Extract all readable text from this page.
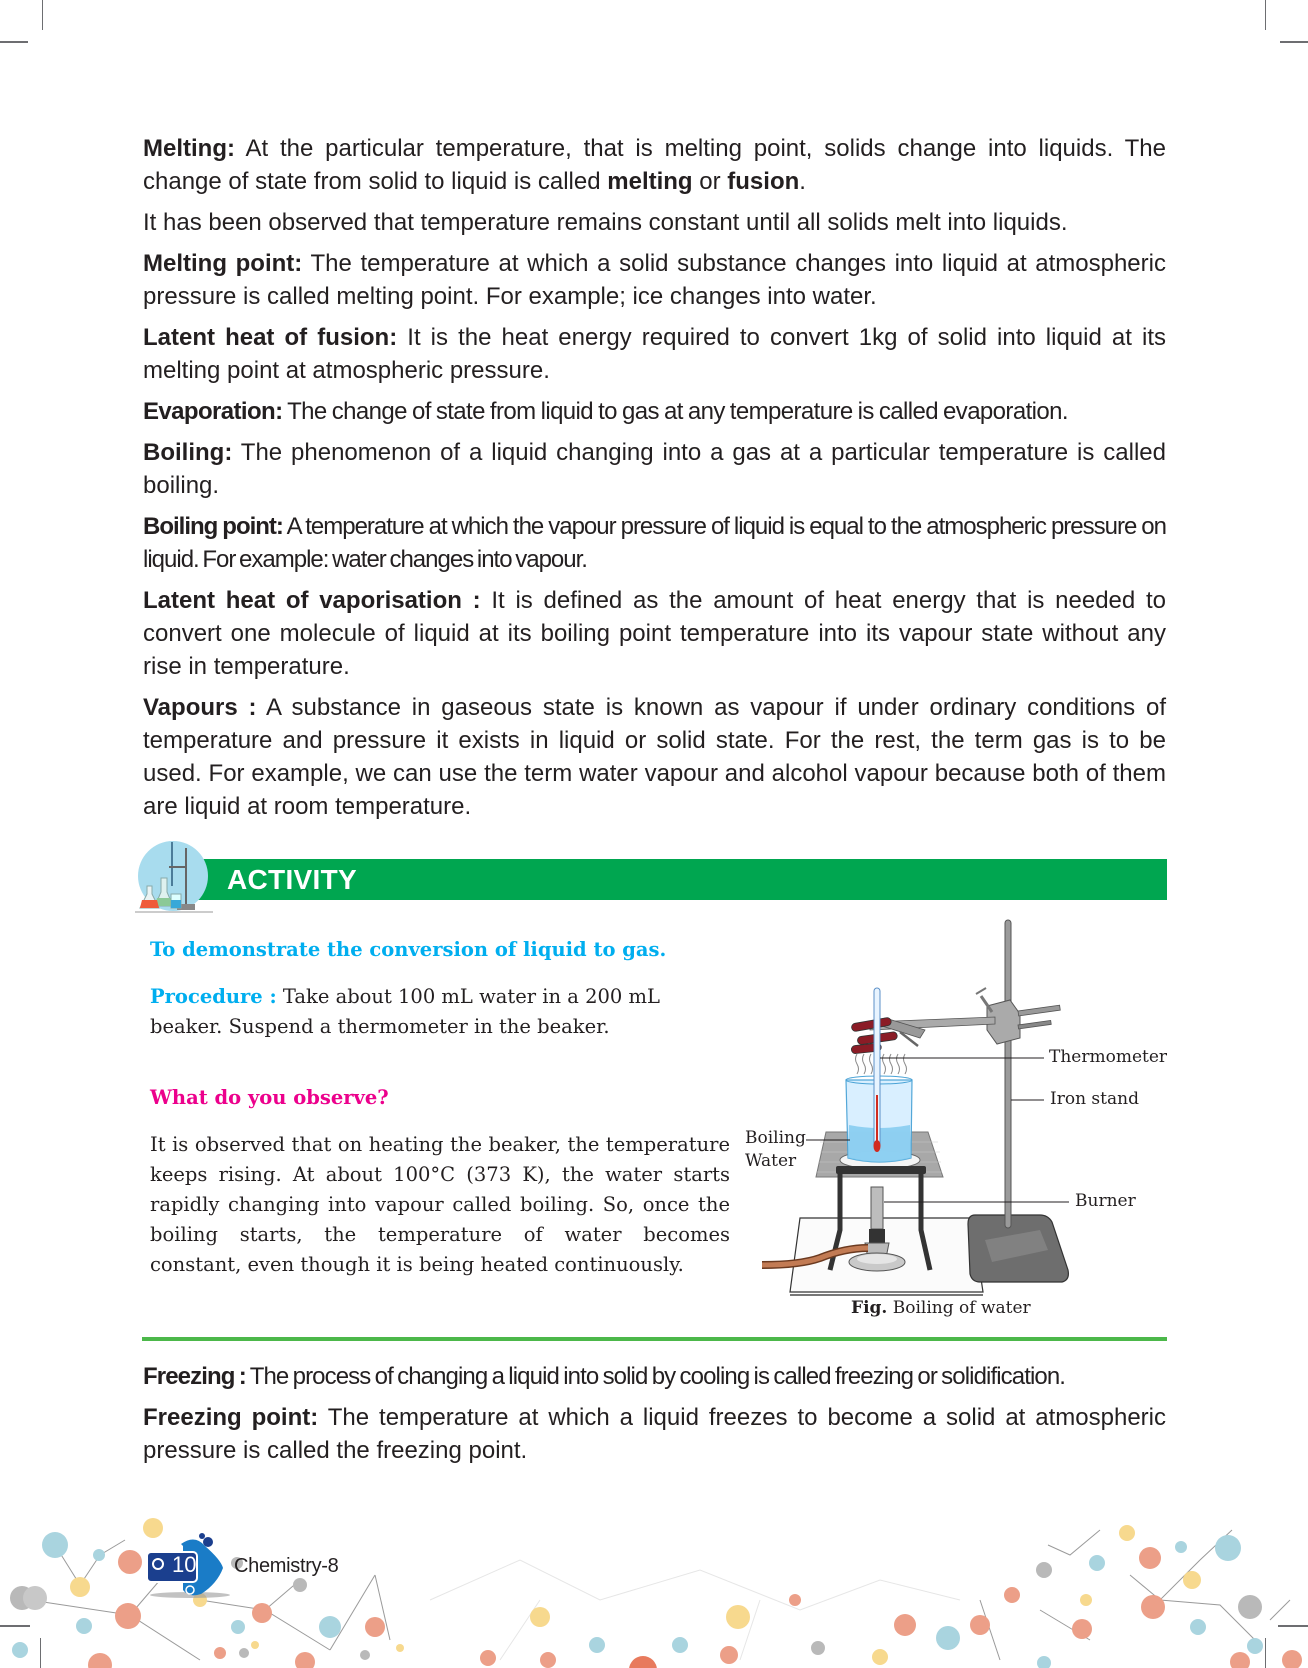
Melting: At the particular temperature, that is melting point, solids change into liquids. The change of state from solid to liquid is called melting or fusion.

It has been observed that temperature remains constant until all solids melt into liquids.

Melting point: The temperature at which a solid substance changes into liquid at atmospheric pressure is called melting point. For example; ice changes into water.

Latent heat of fusion: It is the heat energy required to convert 1kg of solid into liquid at its melting point at atmospheric pressure.

Evaporation: The change of state from liquid to gas at any temperature is called evaporation.

Boiling: The phenomenon of a liquid changing into a gas at a particular temperature is called boiling.

Boiling point: A temperature at which the vapour pressure of liquid is equal to the atmospheric pressure on liquid. For example: water changes into vapour.

Latent heat of vaporisation : It is defined as the amount of heat energy that is needed to convert one molecule of liquid at its boiling point temperature into its vapour state without any rise in temperature.

Vapours : A substance in gaseous state is known as vapour if under ordinary conditions of temperature and pressure it exists in liquid or solid state. For the rest, the term gas is to be used. For example, we can use the term water vapour and alcohol vapour because both of them are liquid at room temperature.

ACTIVITY
To demonstrate the conversion of liquid to gas.
Procedure : Take about 100 mL water in a 200 mL beaker. Suspend a thermometer in the beaker.
What do you observe?
It is observed that on heating the beaker, the temperature keeps rising. At about 100°C (373 K), the water starts rapidly changing into vapour called boiling. So, once the boiling starts, the temperature of water becomes constant, even though it is being heated continuously.
Thermometer
Iron stand
Burner
Boiling
Water
Fig. Boiling of water

Freezing : The process of changing a liquid into solid by cooling is called freezing or solidification.

Freezing point: The temperature at which a liquid freezes to become a solid at atmospheric pressure is called the freezing point.

10 Chemistry-8
